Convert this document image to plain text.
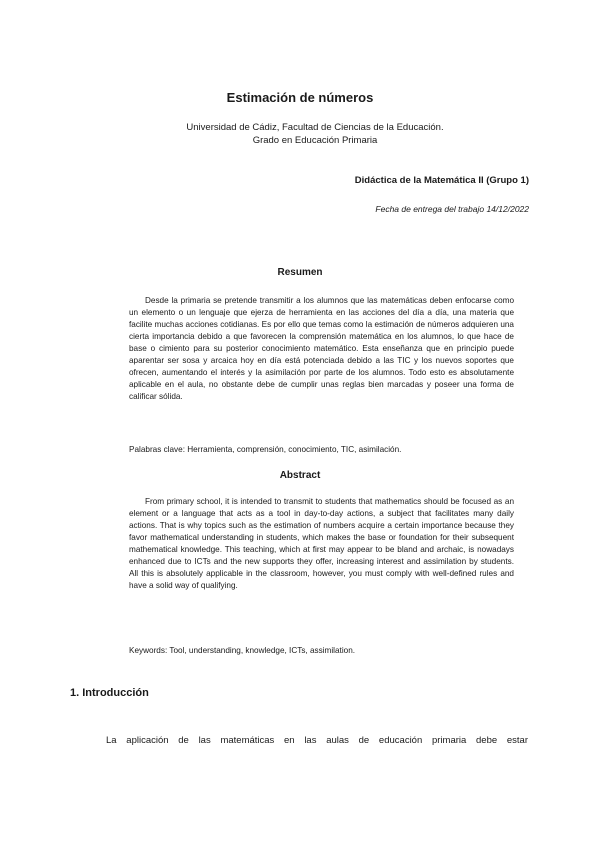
Estimación de números
Universidad de Cádiz, Facultad de Ciencias de la Educación.
Grado en Educación Primaria
Didáctica de la Matemática II (Grupo 1)
Fecha de entrega del trabajo 14/12/2022
Resumen

Desde la primaria se pretende transmitir a los alumnos que las matemáticas deben enfocarse como un elemento o un lenguaje que ejerza de herramienta en las acciones del día a día, una materia que facilite muchas acciones cotidianas. Es por ello que temas como la estimación de números adquieren una cierta importancia debido a que favorecen la comprensión matemática en los alumnos, lo que hace de base o cimiento para su posterior conocimiento matemático. Esta enseñanza que en principio puede aparentar ser sosa y arcaica hoy en día está potenciada debido a las TIC y los nuevos soportes que ofrecen, aumentando el interés y la asimilación por parte de los alumnos. Todo esto es absolutamente aplicable en el aula, no obstante debe de cumplir unas reglas bien marcadas y poseer una forma de calificar sólida.

Palabras clave: Herramienta, comprensión, conocimiento, TIC, asimilación.

Abstract

From primary school, it is intended to transmit to students that mathematics should be focused as an element or a language that acts as a tool in day-to-day actions, a subject that facilitates many daily actions. That is why topics such as the estimation of numbers acquire a certain importance because they favor mathematical understanding in students, which makes the base or foundation for their subsequent mathematical knowledge. This teaching, which at first may appear to be bland and archaic, is nowadays enhanced due to ICTs and the new supports they offer, increasing interest and assimilation by students. All this is absolutely applicable in the classroom, however, you must comply with well-defined rules and have a solid way of qualifying.

Keywords: Tool, understanding, knowledge, ICTs, assimilation.

1. Introducción

La aplicación de las matemáticas en las aulas de educación primaria debe estar
